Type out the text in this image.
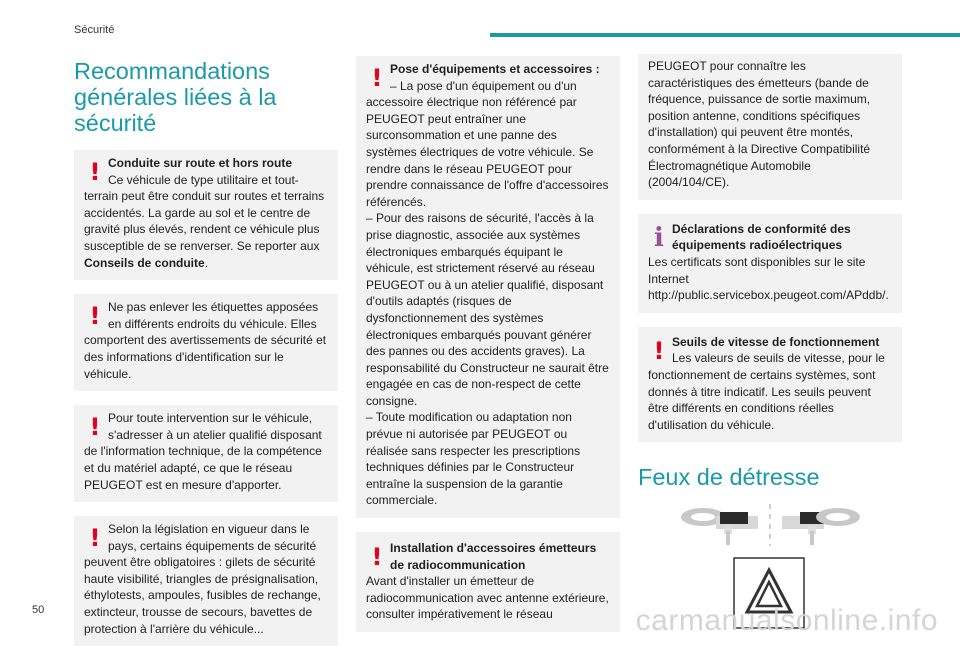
Sécurité
Recommandations générales liées à la sécurité
! Conduite sur route et hors route

Ce véhicule de type utilitaire et tout-terrain peut être conduit sur routes et terrains accidentés. La garde au sol et le centre de gravité plus élevés, rendent ce véhicule plus susceptible de se renverser. Se reporter aux Conseils de conduite.

! Ne pas enlever les étiquettes apposées en différents endroits du véhicule. Elles comportent des avertissements de sécurité et des informations d'identification sur le véhicule.

! Pour toute intervention sur le véhicule, s'adresser à un atelier qualifié disposant de l'information technique, de la compétence et du matériel adapté, ce que le réseau PEUGEOT est en mesure d'apporter.

! Selon la législation en vigueur dans le pays, certains équipements de sécurité peuvent être obligatoires : gilets de sécurité haute visibilité, triangles de présignalisation, éthylotests, ampoules, fusibles de rechange, extincteur, trousse de secours, bavettes de protection à l'arrière du véhicule...

! Pose d'équipements et accessoires :

– La pose d'un équipement ou d'un accessoire électrique non référencé par PEUGEOT peut entraîner une surconsommation et une panne des systèmes électriques de votre véhicule. Se rendre dans le réseau PEUGEOT pour prendre connaissance de l'offre d'accessoires référencés.

– Pour des raisons de sécurité, l'accès à la prise diagnostic, associée aux systèmes électroniques embarqués équipant le véhicule, est strictement réservé au réseau PEUGEOT ou à un atelier qualifié, disposant d'outils adaptés (risques de dysfonctionnement des systèmes électroniques embarqués pouvant générer des pannes ou des accidents graves). La responsabilité du Constructeur ne saurait être engagée en cas de non-respect de cette consigne.

– Toute modification ou adaptation non prévue ni autorisée par PEUGEOT ou réalisée sans respecter les prescriptions techniques définies par le Constructeur entraîne la suspension de la garantie commerciale.

! Installation d'accessoires émetteurs de radiocommunication

Avant d'installer un émetteur de radiocommunication avec antenne extérieure, consulter impérativement le réseau

PEUGEOT pour connaître les caractéristiques des émetteurs (bande de fréquence, puissance de sortie maximum, position antenne, conditions spécifiques d'installation) qui peuvent être montés, conformément à la Directive Compatibilité Électromagnétique Automobile (2004/104/CE).

i Déclarations de conformité des équipements radioélectriques

Les certificats sont disponibles sur le site Internet http://public.servicebox.peugeot.com/APddb/.

! Seuils de vitesse de fonctionnement

Les valeurs de seuils de vitesse, pour le fonctionnement de certains systèmes, sont donnés à titre indicatif. Les seuils peuvent être différents en conditions réelles d'utilisation du véhicule.

Feux de détresse
50	carmanualsonline.info
